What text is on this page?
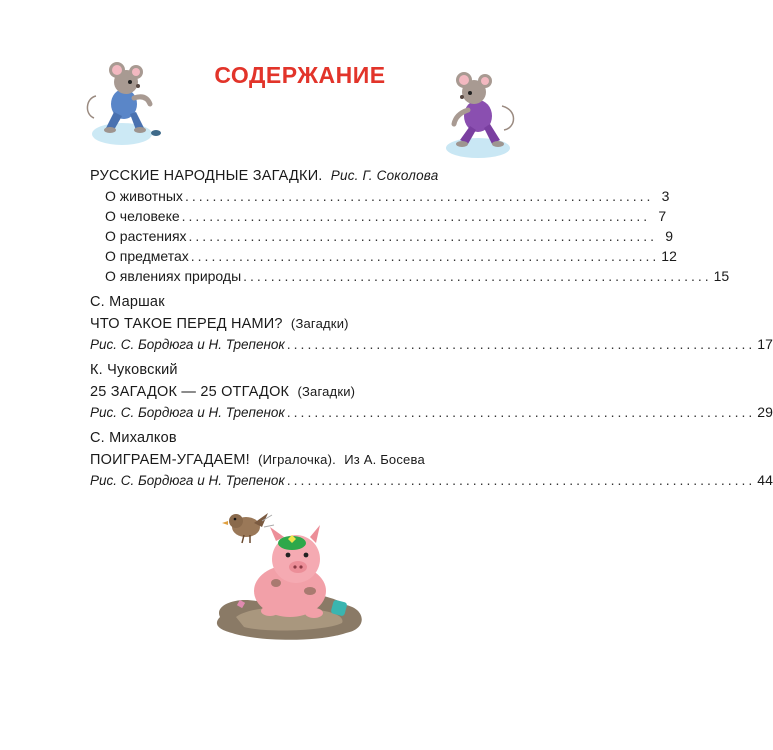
СОДЕРЖАНИЕ
РУССКИЕ НАРОДНЫЕ ЗАГАДКИ. Рис. Г. Соколова
О животных .................................................................... 3
О человеке .................................................................... 7
О растениях .................................................................... 9
О предметах .................................................................... 12
О явлениях природы .................................................................... 15
С. Маршак
ЧТО ТАКОЕ ПЕРЕД НАМИ? (Загадки)
Рис. С. Бордюга и Н. Трепенок .................................................................... 17
К. Чуковский
25 ЗАГАДОК — 25 ОТГАДОК (Загадки)
Рис. С. Бордюга и Н. Трепенок .................................................................... 29
С. Михалков
ПОИГРАЕМ-УГАДАЕМ! (Игралочка). Из А. Босева
Рис. С. Бордюга и Н. Трепенок .................................................................... 44
